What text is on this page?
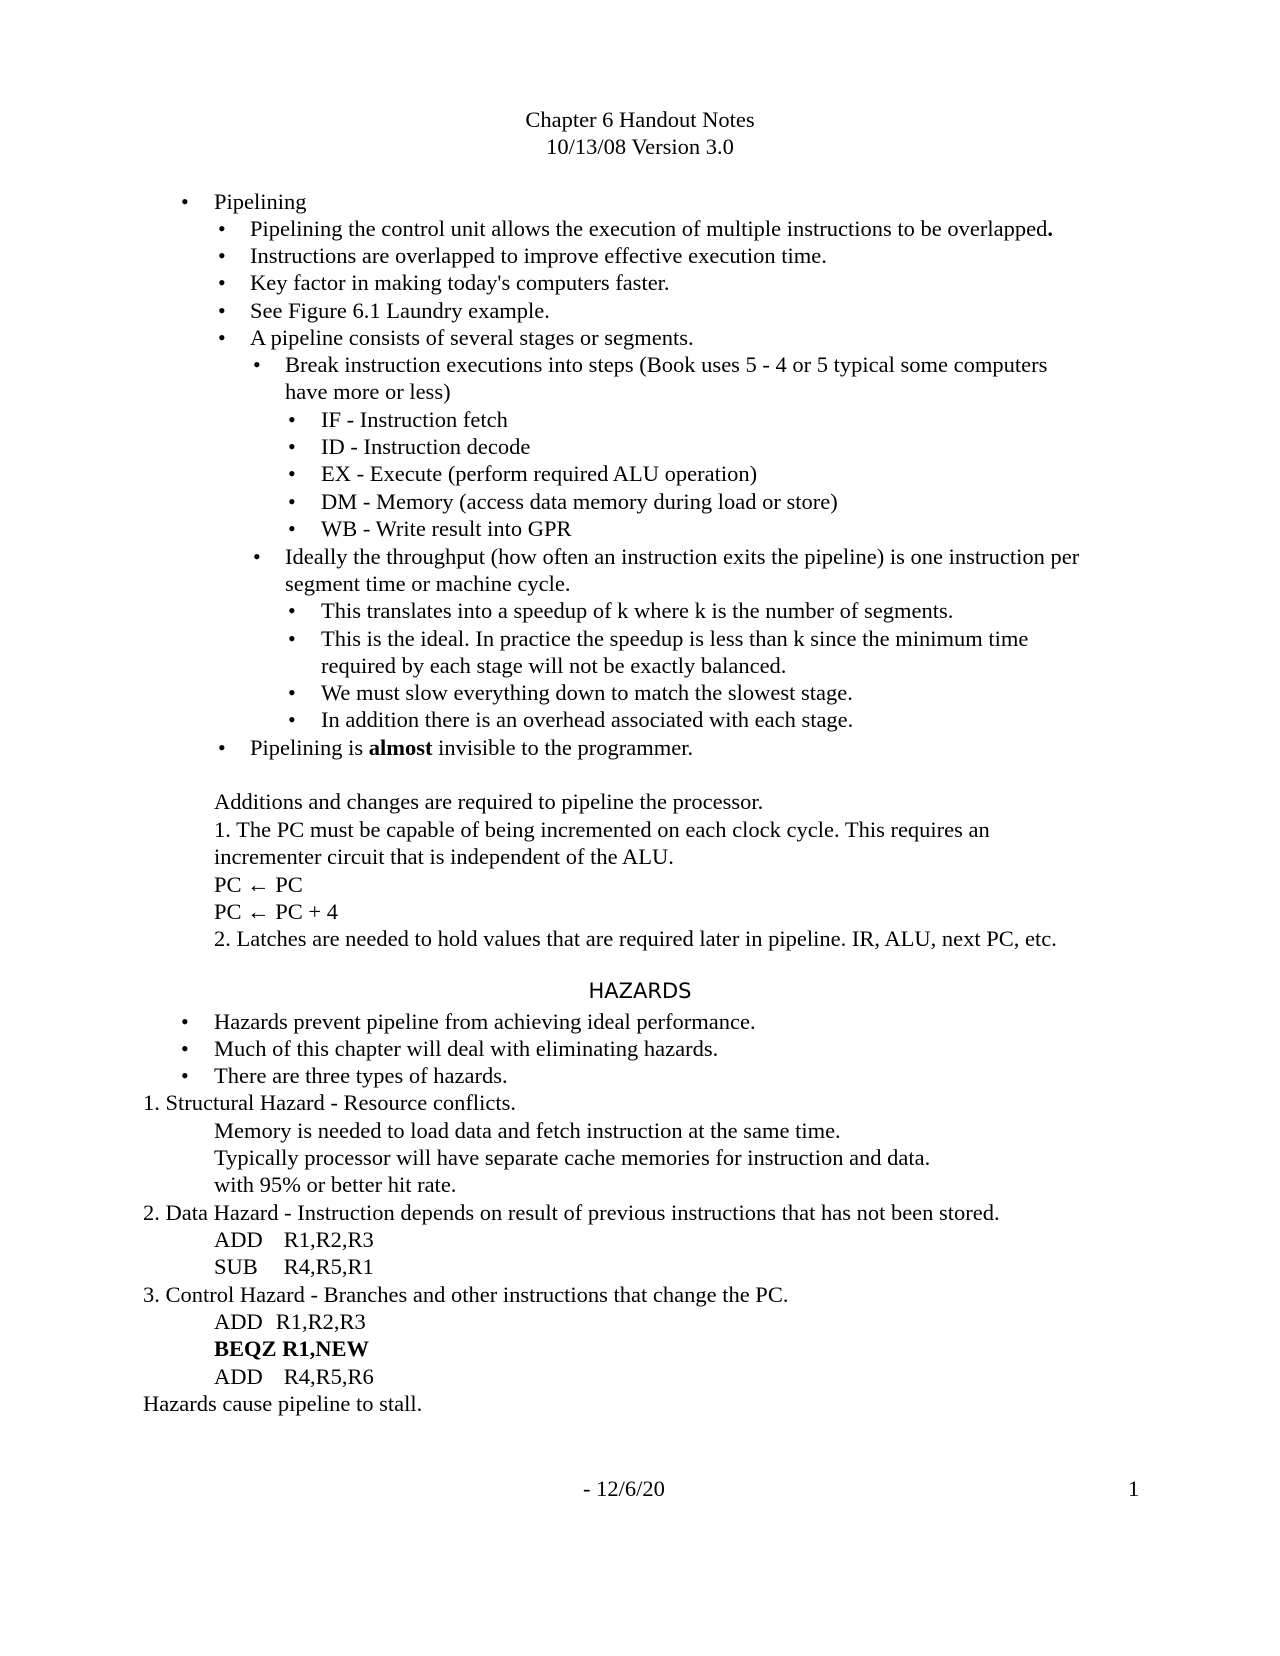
Chapter 6 Handout Notes
10/13/08 Version 3.0
• Pipelining
• Pipelining the control unit allows the execution of multiple instructions to be overlapped.
• Instructions are overlapped to improve effective execution time.
• Key factor in making today's computers faster.
• See Figure 6.1 Laundry example.
• A pipeline consists of several stages or segments.
• Break instruction executions into steps (Book uses 5 - 4 or 5 typical some computers
have more or less)
• IF - Instruction fetch
• ID - Instruction decode
• EX - Execute (perform required ALU operation)
• DM - Memory (access data memory during load or store)
• WB - Write result into GPR
• Ideally the throughput (how often an instruction exits the pipeline) is one instruction per
segment time or machine cycle.
• This translates into a speedup of k where k is the number of segments.
• This is the ideal. In practice the speedup is less than k since the minimum time
required by each stage will not be exactly balanced.
• We must slow everything down to match the slowest stage.
• In addition there is an overhead associated with each stage.
• Pipelining is almost invisible to the programmer.
Additions and changes are required to pipeline the processor.
1. The PC must be capable of being incremented on each clock cycle. This requires an
incrementer circuit that is independent of the ALU.
PC ← PC
PC ← PC + 4
2. Latches are needed to hold values that are required later in pipeline. IR, ALU, next PC, etc.
HAZARDS
• Hazards prevent pipeline from achieving ideal performance.
• Much of this chapter will deal with eliminating hazards.
• There are three types of hazards.
1. Structural Hazard - Resource conflicts.
Memory is needed to load data and fetch instruction at the same time.
Typically processor will have separate cache memories for instruction and data.
with 95% or better hit rate.
2. Data Hazard - Instruction depends on result of previous instructions that has not been stored.
ADD R1,R2,R3
SUB R4,R5,R1
3. Control Hazard - Branches and other instructions that change the PC.
ADD R1,R2,R3
BEQZ R1,NEW
ADD R4,R5,R6
Hazards cause pipeline to stall.
- 12/6/20	1
